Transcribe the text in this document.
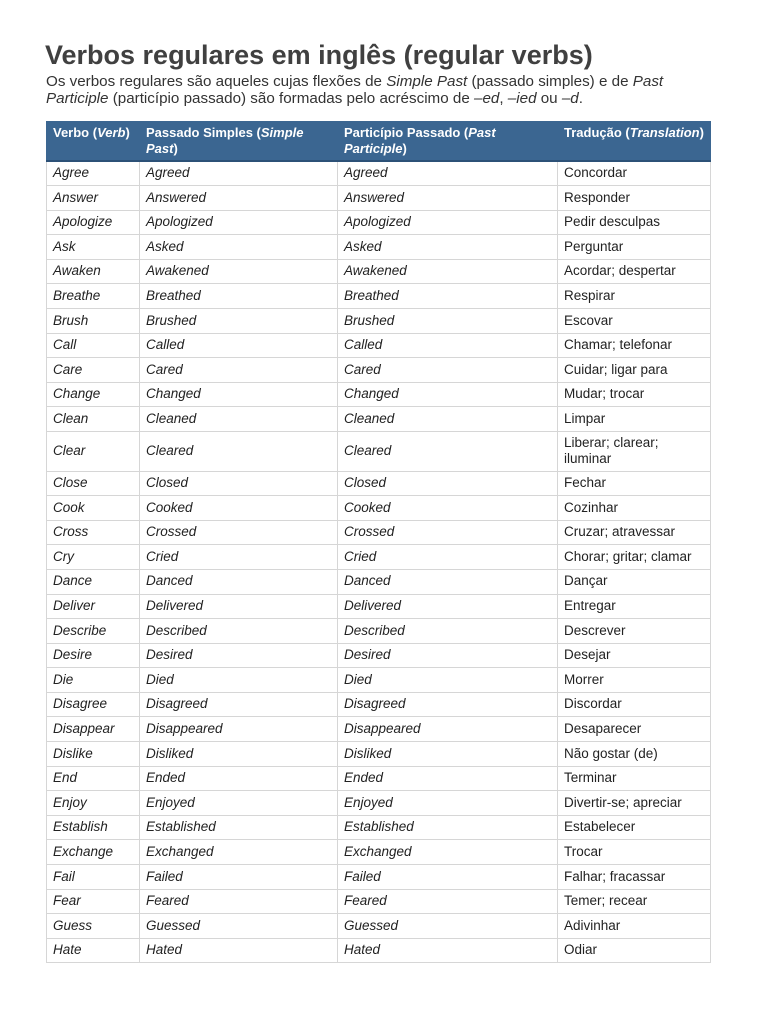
Verbos regulares em inglês (regular verbs)

Os verbos regulares são aqueles cujas flexões de Simple Past (passado simples) e de Past Participle (particípio passado) são formadas pelo acréscimo de –ed, –ied ou –d.

Verbo (Verb)	Passado Simples (Simple Past)	Particípio Passado (Past Participle)	Tradução (Translation)
Agree	Agreed	Agreed	Concordar
Answer	Answered	Answered	Responder
Apologize	Apologized	Apologized	Pedir desculpas
Ask	Asked	Asked	Perguntar
Awaken	Awakened	Awakened	Acordar; despertar
Breathe	Breathed	Breathed	Respirar
Brush	Brushed	Brushed	Escovar
Call	Called	Called	Chamar; telefonar
Care	Cared	Cared	Cuidar; ligar para
Change	Changed	Changed	Mudar; trocar
Clean	Cleaned	Cleaned	Limpar
Clear	Cleared	Cleared	Liberar; clarear; iluminar
Close	Closed	Closed	Fechar
Cook	Cooked	Cooked	Cozinhar
Cross	Crossed	Crossed	Cruzar; atravessar
Cry	Cried	Cried	Chorar; gritar; clamar
Dance	Danced	Danced	Dançar
Deliver	Delivered	Delivered	Entregar
Describe	Described	Described	Descrever
Desire	Desired	Desired	Desejar
Die	Died	Died	Morrer
Disagree	Disagreed	Disagreed	Discordar
Disappear	Disappeared	Disappeared	Desaparecer
Dislike	Disliked	Disliked	Não gostar (de)
End	Ended	Ended	Terminar
Enjoy	Enjoyed	Enjoyed	Divertir-se; apreciar
Establish	Established	Established	Estabelecer
Exchange	Exchanged	Exchanged	Trocar
Fail	Failed	Failed	Falhar; fracassar
Fear	Feared	Feared	Temer; recear
Guess	Guessed	Guessed	Adivinhar
Hate	Hated	Hated	Odiar
